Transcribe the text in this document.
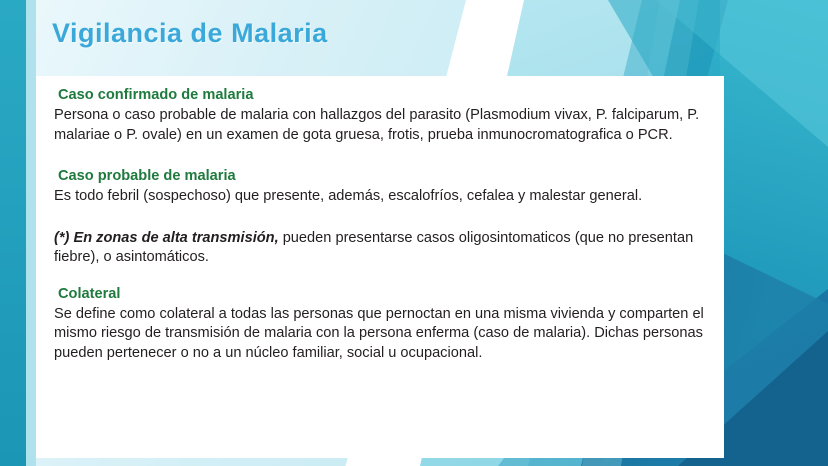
Vigilancia de Malaria
Caso confirmado de malaria
Persona o caso probable de malaria con hallazgos del parasito (Plasmodium vivax, P. falciparum, P. malariae o P. ovale) en un examen de gota gruesa, frotis, prueba inmunocromatografica o PCR.
Caso probable de malaria
Es todo febril (sospechoso) que presente, además, escalofríos, cefalea y malestar general.
(*) En zonas de alta transmisión, pueden presentarse casos oligosintomaticos (que no presentan fiebre), o asintomáticos.
Colateral
Se define como colateral a todas las personas que pernoctan en una misma vivienda y comparten el mismo riesgo de transmisión de malaria con la persona enferma (caso de malaria). Dichas personas pueden pertenecer o no a un núcleo familiar, social u ocupacional.
